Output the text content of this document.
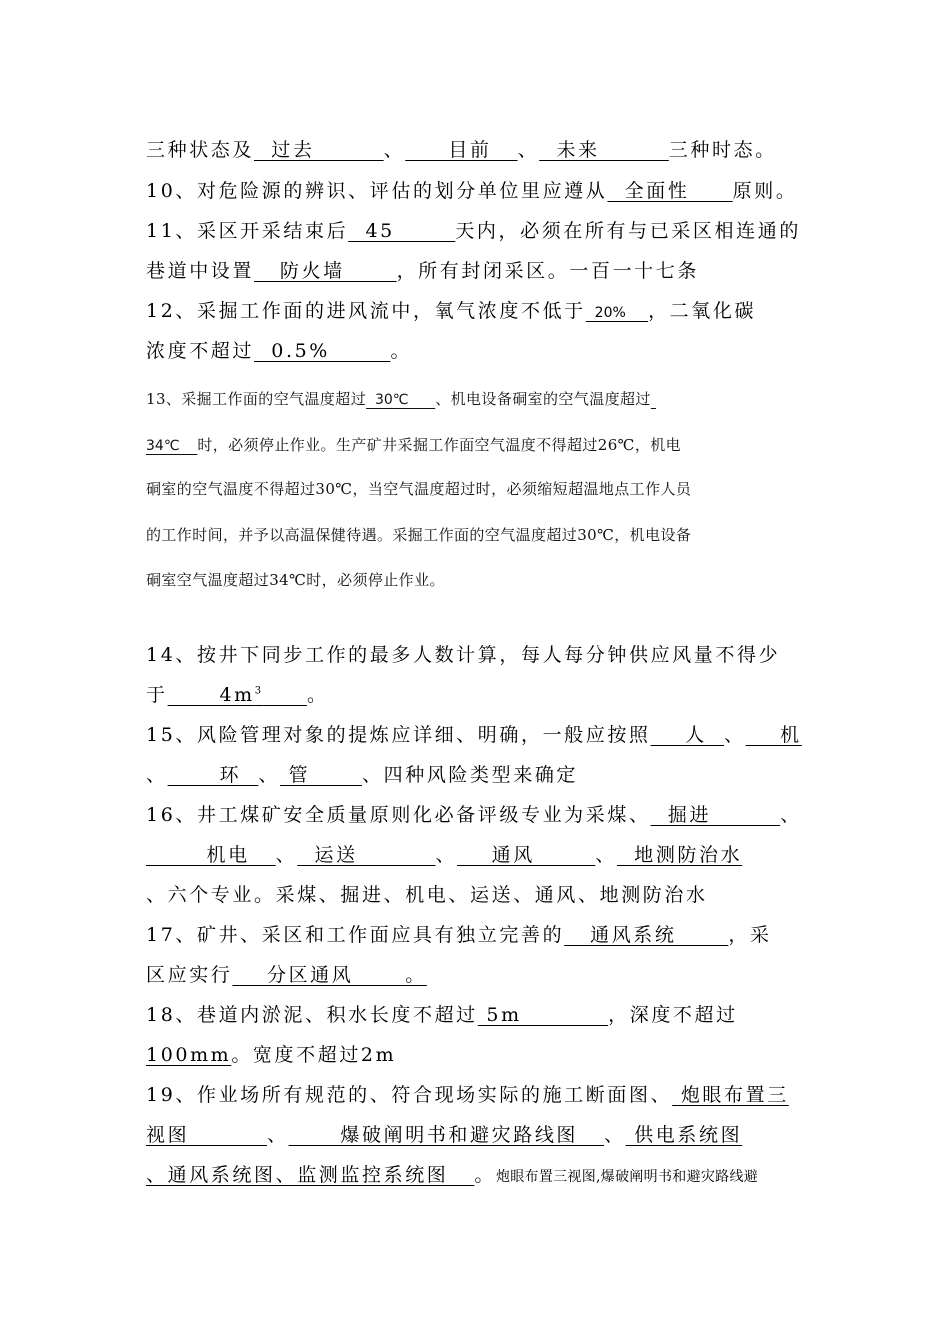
三种状态及  过去        、     目前   、  未来        三种时态。
10、对危险源的辨识、评估的划分单位里应遵从  全面性     原则。
11、采区开采结束后  45       天内，必须在所有与已采区相连通的
巷道中设置   防火墙      ，所有封闭采区。一百一十七条
12、采掘工作面的进风流中，氧气浓度不低于  20%     ，二氧化碳
浓度不超过  0.5%       。
13、采掘工作面的空气温度超过  30℃      、机电设备硐室的空气温度超过
34℃    时，必须停止作业。生产矿井采掘工作面空气温度不得超过26℃，机电
硐室的空气温度不得超过30℃，当空气温度超过时，必须缩短超温地点工作人员
的工作时间，并予以高温保健待遇。采掘工作面的空气温度超过30℃，机电设备
硐室空气温度超过34℃时，必须停止作业。
14、按井下同步工作的最多人数计算，每人每分钟供应风量不得少
于      $4m^3$ 。
15、风险管理对象的提炼应详细、明确，一般应按照    人  、    机
、      环  、 管      、四种风险类型来确定
16、井工煤矿安全质量原则化必备评级专业为采煤、  掘进        、
机电   、  运送         、    通风       、  地测防治水
、六个专业。采煤、掘进、机电、运送、通风、地测防治水
17、矿井、采区和工作面应具有独立完善的   通风系统      ，采
区应实行    分区通风      。
18、巷道内淤泥、积水长度不超过 5m          ，深度不超过
100mm。宽度不超过2m
19、作业场所有规范的、符合现场实际的施工断面图、 炮眼布置三
视图         、      爆破阐明书和避灾路线图   、 供电系统图
、通风系统图、监测监控系统图   。炮眼布置三视图,爆破阐明书和避灾路线避
